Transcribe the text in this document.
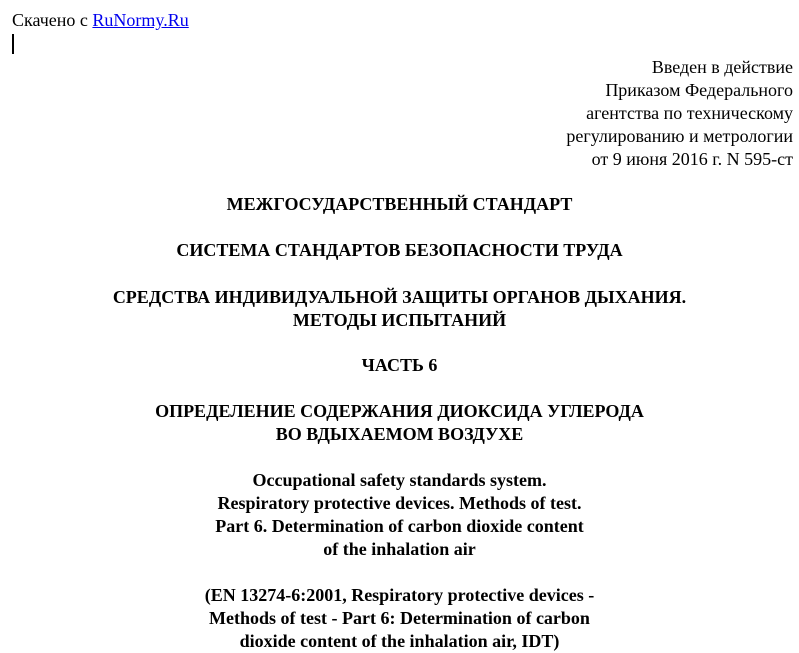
Скачено с RuNormy.Ru
Введен в действие
Приказом Федерального
агентства по техническому
регулированию и метрологии
от 9 июня 2016 г. N 595-ст
МЕЖГОСУДАРСТВЕННЫЙ СТАНДАРТ
СИСТЕМА СТАНДАРТОВ БЕЗОПАСНОСТИ ТРУДА
СРЕДСТВА ИНДИВИДУАЛЬНОЙ ЗАЩИТЫ ОРГАНОВ ДЫХАНИЯ.
МЕТОДЫ ИСПЫТАНИЙ
ЧАСТЬ 6
ОПРЕДЕЛЕНИЕ СОДЕРЖАНИЯ ДИОКСИДА УГЛЕРОДА
ВО ВДЫХАЕМОМ ВОЗДУХЕ
Occupational safety standards system.
Respiratory protective devices. Methods of test.
Part 6. Determination of carbon dioxide content
of the inhalation air
(EN 13274-6:2001, Respiratory protective devices -
Methods of test - Part 6: Determination of carbon
dioxide content of the inhalation air, IDT)
